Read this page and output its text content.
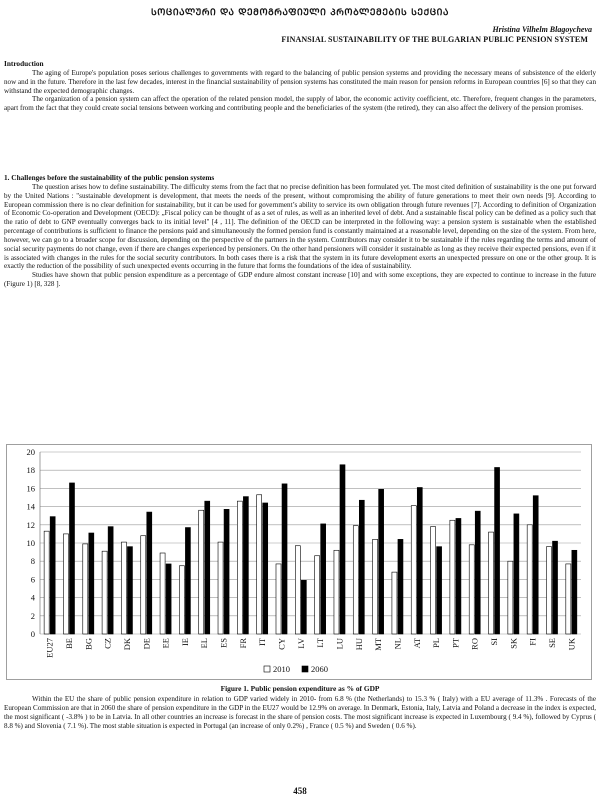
ᲡᲝᲪᲘᲐᲚᲣᲠᲘ ᲓᲐ ᲓᲔᲛᲝᲒᲠᲐᲤᲘᲣᲚᲘ ᲞᲠᲝᲑᲚᲔᲛᲔᲑᲘᲡ ᲡᲔᲥᲪᲘᲐ
Hristina Vilhelm Blagoycheva
FINANSIAL SUSTAINABILITY OF THE BULGARIAN PUBLIC PENSION SYSTEM

Introduction

The aging of Europe's population poses serious challenges to governments with regard to the balancing of public pension systems and providing the necessary means of subsistence of the elderly now and in the future. Therefore in the last few decades, interest in the financial sustainability of pension systems has constituted the main reason for pension reforms in European countries [6] so that they can withstand the expected demographic changes.

The organization of a pension system can affect the operation of the related pension model, the supply of labor, the economic activity coefficient, etc. Therefore, frequent changes in the parameters, apart from the fact that they could create social tensions between working and contributing people and the beneficiaries of the system (the retired), they can also affect the delivery of the pension promises.

1. Challenges before the sustainability of the public pension systems

The question arises how to define sustainability. The difficulty stems from the fact that no precise definition has been formulated yet. The most cited definition of sustainability is the one put forward by the United Nations : "sustainable development is development, that meets the needs of the present, without compromising the ability of future generations to meet their own needs [9]. According to European commission there is no clear definition for sustainability, but it can be used for government’s ability to service its own obligation through future revenues [7]. According to definition of Organization of Economic Co-operation and Development (OECD): „Fiscal policy can be thought of as a set of rules, as well as an inherited level of debt. And a sustainable fiscal policy can be defined as a policy such that the ratio of debt to GNP eventually converges back to its initial level" [4 , 11]. The definition of the OECD can be interpreted in the following way: a pension system is sustainable when the established percentage of contributions is sufficient to finance the pensions paid and simultaneously the formed pension fund is constantly maintained at a reasonable level, depending on the size of the system. From here, however, we can go to a broader scope for discussion, depending on the perspective of the partners in the system. Contributors may consider it to be sustainable if the rules regarding the terms and amount of social security payments do not change, even if there are changes experienced by pensioners. On the other hand pensioners will consider it sustainable as long as they receive their expected pensions, even if it is associated with changes in the rules for the social security contributors. In both cases there is a risk that the system in its future development exerts an unexpected pressure on one or the other group. It is exactly the reduction of the possibility of such unexpected events occurring in the future that forms the foundations of the idea of sustainability.

Studies have shown that public pension expenditure as a percentage of GDP endure almost constant increase [10] and with some exceptions, they are expected to continue to increase in the future (Figure 1) [8, 328 ].

0
2
4
6
8
10
12
14
16
18
20
EU27 BE BG CZ DK DE EE IE EL ES FR IT CY LV LT LU HU MT NL AT PL PT RO SI SK FI SE UK
2010 2060
Figure 1. Public pension expenditure as % of GDP

Within the EU the share of public pension expenditure in relation to GDP varied widely in 2010- from 6.8 % (the Netherlands) to 15.3 % ( Italy) with a EU average of 11.3% . Forecasts of the European Commission are that in 2060 the share of pension expenditure in the GDP in the EU27 would be 12.9% on average. In Denmark, Estonia, Italy, Latvia and Poland a decrease in the index is expected, the most significant ( -3.8% ) to be in Latvia. In all other countries an increase is forecast in the share of pension costs. The most significant increase is expected in Luxembourg ( 9.4 %), followed by Cyprus ( 8.8 %) and Slovenia ( 7.1 %). The most stable situation is expected in Portugal (an increase of only 0.2%) , France ( 0.5 %) and Sweden ( 0.6 %).

458
